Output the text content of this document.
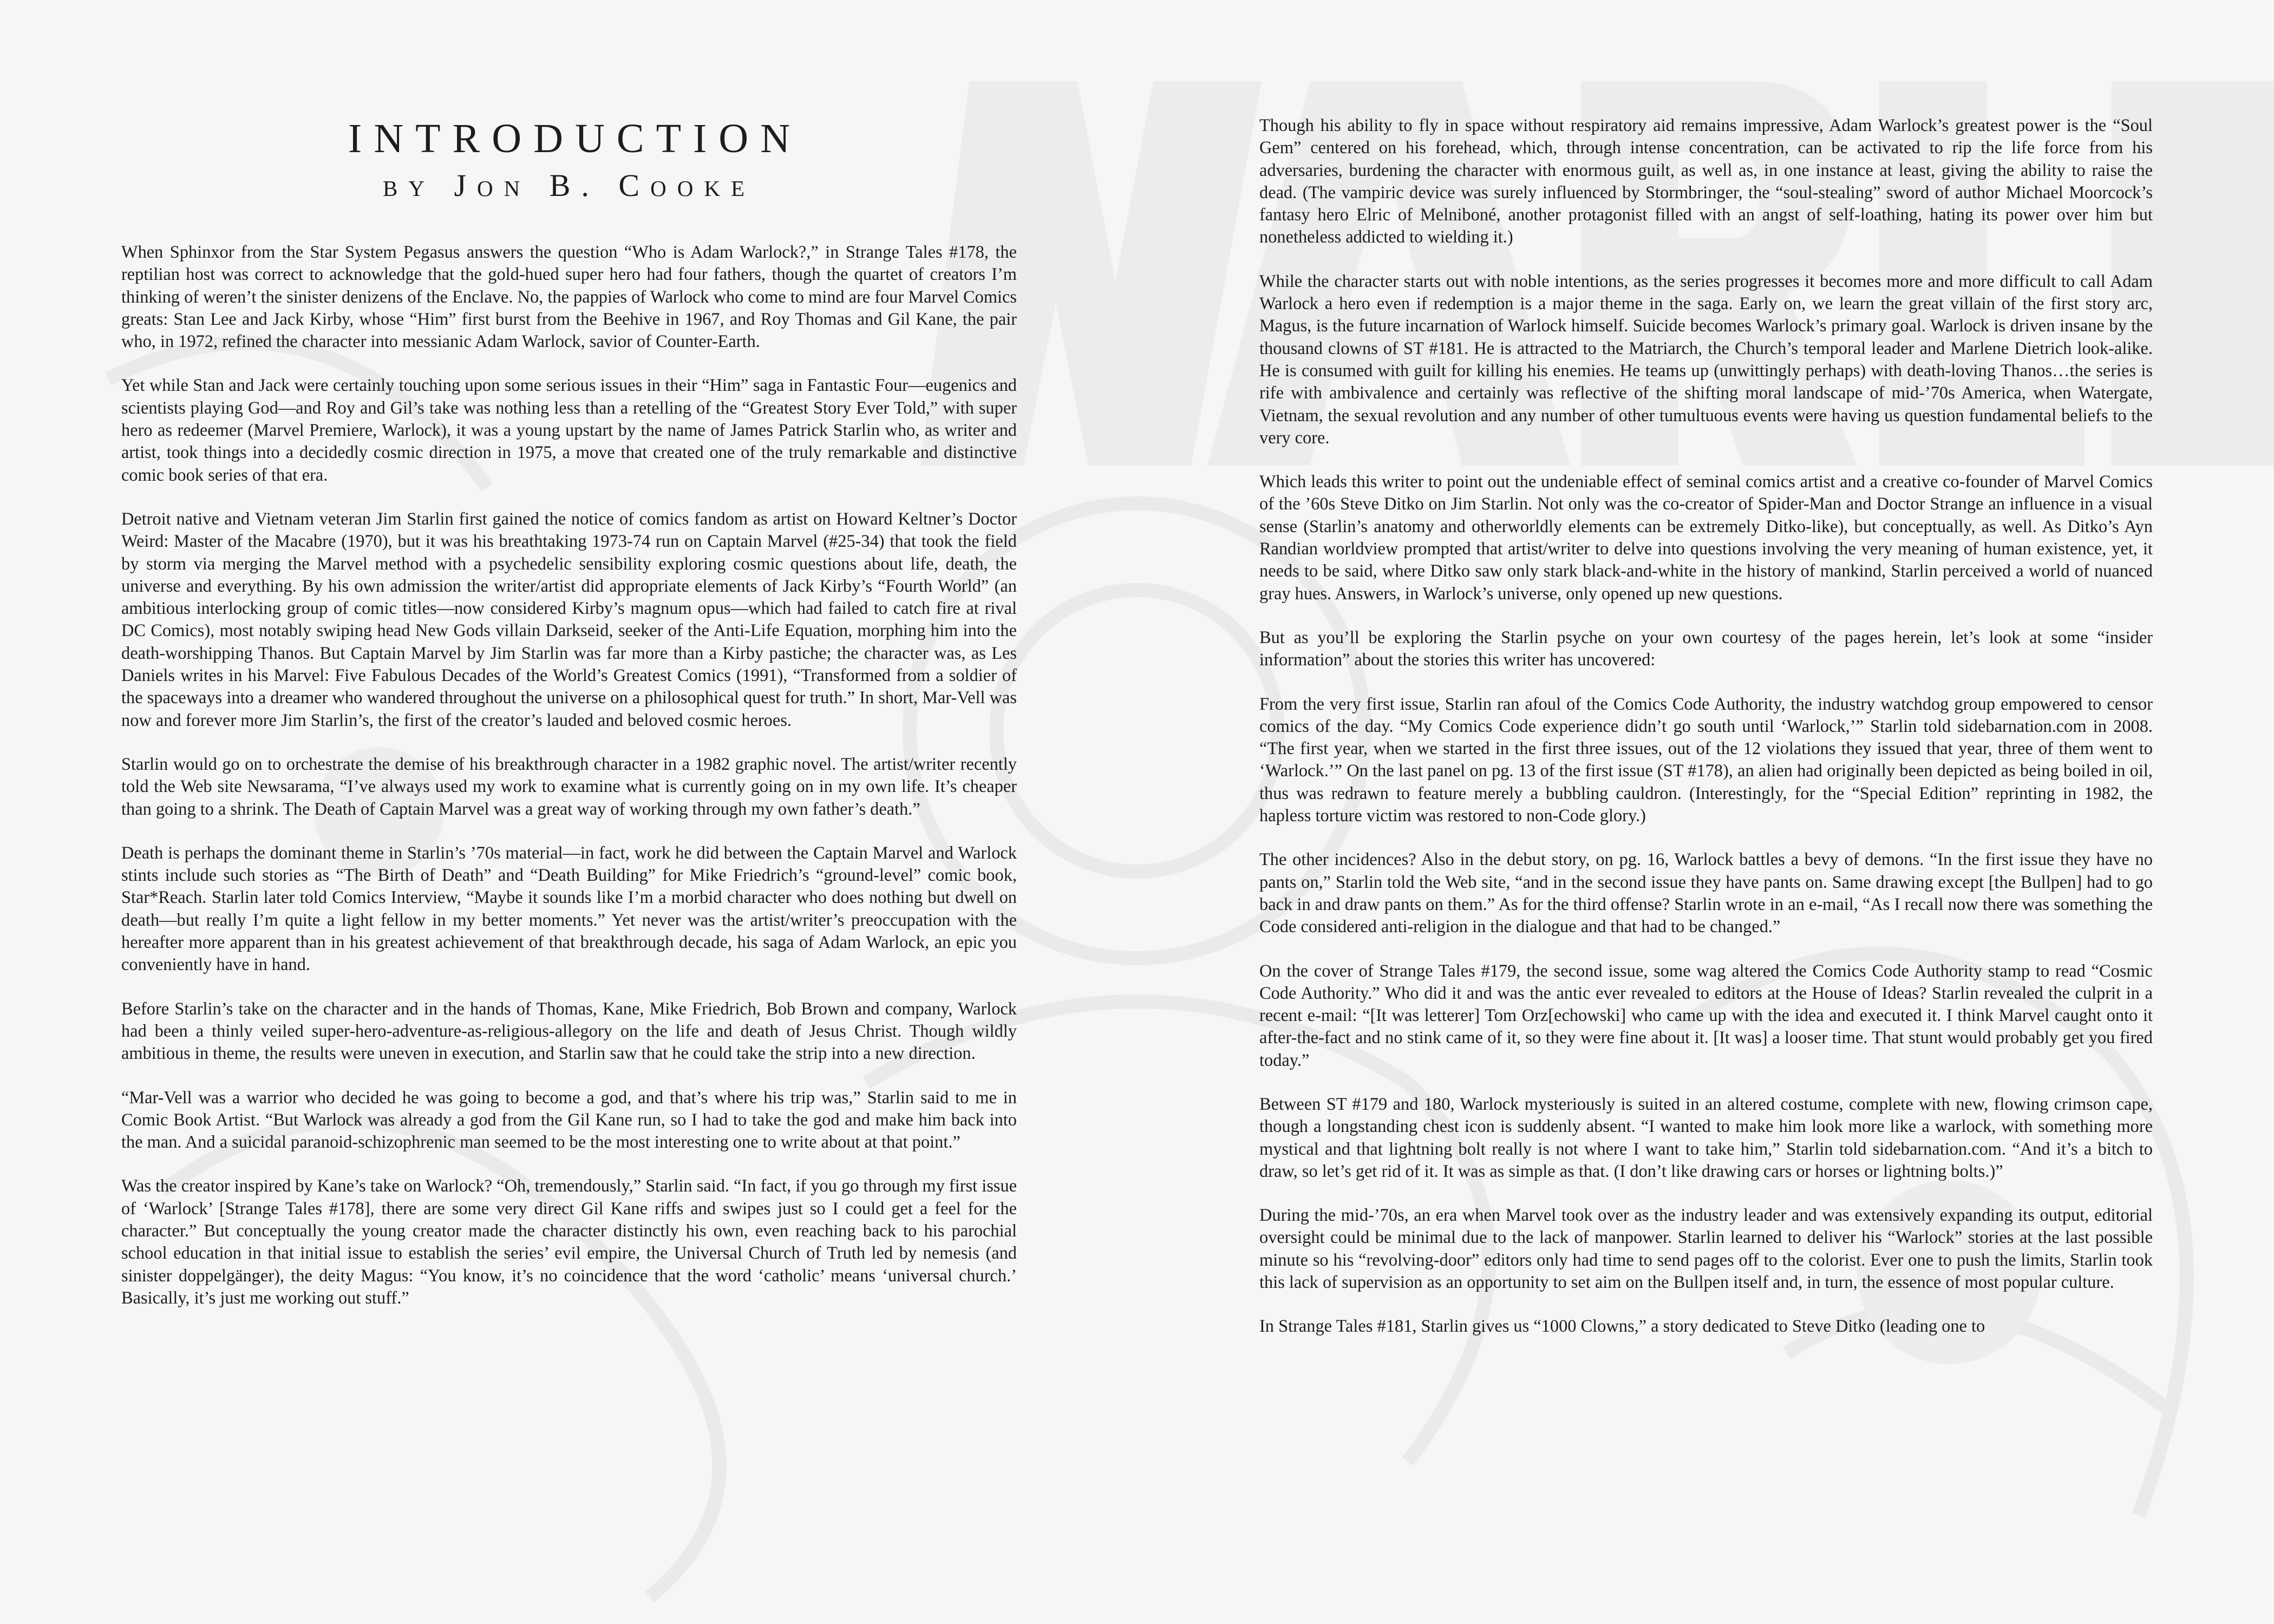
INTRODUCTION
by Jon B. Cooke

When Sphinxor from the Star System Pegasus answers the question “Who is Adam Warlock?,” in Strange Tales #178, the reptilian host was correct to acknowledge that the gold-hued super hero had four fathers, though the quartet of creators I’m thinking of weren’t the sinister denizens of the Enclave. No, the pappies of Warlock who come to mind are four Marvel Comics greats: Stan Lee and Jack Kirby, whose “Him” first burst from the Beehive in 1967, and Roy Thomas and Gil Kane, the pair who, in 1972, refined the character into messianic Adam Warlock, savior of Counter-Earth.

Yet while Stan and Jack were certainly touching upon some serious issues in their “Him” saga in Fantastic Four—eugenics and scientists playing God—and Roy and Gil’s take was nothing less than a retelling of the “Greatest Story Ever Told,” with super hero as redeemer (Marvel Premiere, Warlock), it was a young upstart by the name of James Patrick Starlin who, as writer and artist, took things into a decidedly cosmic direction in 1975, a move that created one of the truly remarkable and distinctive comic book series of that era.

Detroit native and Vietnam veteran Jim Starlin first gained the notice of comics fandom as artist on Howard Keltner’s Doctor Weird: Master of the Macabre (1970), but it was his breathtaking 1973-74 run on Captain Marvel (#25-34) that took the field by storm via merging the Marvel method with a psychedelic sensibility exploring cosmic questions about life, death, the universe and everything. By his own admission the writer/artist did appropriate elements of Jack Kirby’s “Fourth World” (an ambitious interlocking group of comic titles—now considered Kirby’s magnum opus—which had failed to catch fire at rival DC Comics), most notably swiping head New Gods villain Darkseid, seeker of the Anti-Life Equation, morphing him into the death-worshipping Thanos. But Captain Marvel by Jim Starlin was far more than a Kirby pastiche; the character was, as Les Daniels writes in his Marvel: Five Fabulous Decades of the World’s Greatest Comics (1991), “Transformed from a soldier of the spaceways into a dreamer who wandered throughout the universe on a philosophical quest for truth.” In short, Mar-Vell was now and forever more Jim Starlin’s, the first of the creator’s lauded and beloved cosmic heroes.

Starlin would go on to orchestrate the demise of his breakthrough character in a 1982 graphic novel. The artist/writer recently told the Web site Newsarama, “I’ve always used my work to examine what is currently going on in my own life. It’s cheaper than going to a shrink. The Death of Captain Marvel was a great way of working through my own father’s death.”

Death is perhaps the dominant theme in Starlin’s ’70s material—in fact, work he did between the Captain Marvel and Warlock stints include such stories as “The Birth of Death” and “Death Building” for Mike Friedrich’s “ground-level” comic book, Star*Reach. Starlin later told Comics Interview, “Maybe it sounds like I’m a morbid character who does nothing but dwell on death—but really I’m quite a light fellow in my better moments.” Yet never was the artist/writer’s preoccupation with the hereafter more apparent than in his greatest achievement of that breakthrough decade, his saga of Adam Warlock, an epic you conveniently have in hand.

Before Starlin’s take on the character and in the hands of Thomas, Kane, Mike Friedrich, Bob Brown and company, Warlock had been a thinly veiled super-hero-adventure-as-religious-allegory on the life and death of Jesus Christ. Though wildly ambitious in theme, the results were uneven in execution, and Starlin saw that he could take the strip into a new direction.

“Mar-Vell was a warrior who decided he was going to become a god, and that’s where his trip was,” Starlin said to me in Comic Book Artist. “But Warlock was already a god from the Gil Kane run, so I had to take the god and make him back into the man. And a suicidal paranoid-schizophrenic man seemed to be the most interesting one to write about at that point.”

Was the creator inspired by Kane’s take on Warlock? “Oh, tremendously,” Starlin said. “In fact, if you go through my first issue of ‘Warlock’ [Strange Tales #178], there are some very direct Gil Kane riffs and swipes just so I could get a feel for the character.” But conceptually the young creator made the character distinctly his own, even reaching back to his parochial school education in that initial issue to establish the series’ evil empire, the Universal Church of Truth led by nemesis (and sinister doppelgänger), the deity Magus: “You know, it’s no coincidence that the word ‘catholic’ means ‘universal church.’ Basically, it’s just me working out stuff.”

Though his ability to fly in space without respiratory aid remains impressive, Adam Warlock’s greatest power is the “Soul Gem” centered on his forehead, which, through intense concentration, can be activated to rip the life force from his adversaries, burdening the character with enormous guilt, as well as, in one instance at least, giving the ability to raise the dead. (The vampiric device was surely influenced by Stormbringer, the “soul-stealing” sword of author Michael Moorcock’s fantasy hero Elric of Melniboné, another protagonist filled with an angst of self-loathing, hating its power over him but nonetheless addicted to wielding it.)

While the character starts out with noble intentions, as the series progresses it becomes more and more difficult to call Adam Warlock a hero even if redemption is a major theme in the saga. Early on, we learn the great villain of the first story arc, Magus, is the future incarnation of Warlock himself. Suicide becomes Warlock’s primary goal. Warlock is driven insane by the thousand clowns of ST #181. He is attracted to the Matriarch, the Church’s temporal leader and Marlene Dietrich look-alike. He is consumed with guilt for killing his enemies. He teams up (unwittingly perhaps) with death-loving Thanos…the series is rife with ambivalence and certainly was reflective of the shifting moral landscape of mid-’70s America, when Watergate, Vietnam, the sexual revolution and any number of other tumultuous events were having us question fundamental beliefs to the very core.

Which leads this writer to point out the undeniable effect of seminal comics artist and a creative co-founder of Marvel Comics of the ’60s Steve Ditko on Jim Starlin. Not only was the co-creator of Spider-Man and Doctor Strange an influence in a visual sense (Starlin’s anatomy and otherworldly elements can be extremely Ditko-like), but conceptually, as well. As Ditko’s Ayn Randian worldview prompted that artist/writer to delve into questions involving the very meaning of human existence, yet, it needs to be said, where Ditko saw only stark black-and-white in the history of mankind, Starlin perceived a world of nuanced gray hues. Answers, in Warlock’s universe, only opened up new questions.

But as you’ll be exploring the Starlin psyche on your own courtesy of the pages herein, let’s look at some “insider information” about the stories this writer has uncovered:

From the very first issue, Starlin ran afoul of the Comics Code Authority, the industry watchdog group empowered to censor comics of the day. “My Comics Code experience didn’t go south until ‘Warlock,’” Starlin told sidebarnation.com in 2008. “The first year, when we started in the first three issues, out of the 12 violations they issued that year, three of them went to ‘Warlock.’” On the last panel on pg. 13 of the first issue (ST #178), an alien had originally been depicted as being boiled in oil, thus was redrawn to feature merely a bubbling cauldron. (Interestingly, for the “Special Edition” reprinting in 1982, the hapless torture victim was restored to non-Code glory.)

The other incidences? Also in the debut story, on pg. 16, Warlock battles a bevy of demons. “In the first issue they have no pants on,” Starlin told the Web site, “and in the second issue they have pants on. Same drawing except [the Bullpen] had to go back in and draw pants on them.” As for the third offense? Starlin wrote in an e-mail, “As I recall now there was something the Code considered anti-religion in the dialogue and that had to be changed.”

On the cover of Strange Tales #179, the second issue, some wag altered the Comics Code Authority stamp to read “Cosmic Code Authority.” Who did it and was the antic ever revealed to editors at the House of Ideas? Starlin revealed the culprit in a recent e-mail: “[It was letterer] Tom Orz[echowski] who came up with the idea and executed it. I think Marvel caught onto it after-the-fact and no stink came of it, so they were fine about it. [It was] a looser time. That stunt would probably get you fired today.”

Between ST #179 and 180, Warlock mysteriously is suited in an altered costume, complete with new, flowing crimson cape, though a longstanding chest icon is suddenly absent. “I wanted to make him look more like a warlock, with something more mystical and that lightning bolt really is not where I want to take him,” Starlin told sidebarnation.com. “And it’s a bitch to draw, so let’s get rid of it. It was as simple as that. (I don’t like drawing cars or horses or lightning bolts.)”

During the mid-’70s, an era when Marvel took over as the industry leader and was extensively expanding its output, editorial oversight could be minimal due to the lack of manpower. Starlin learned to deliver his “Warlock” stories at the last possible minute so his “revolving-door” editors only had time to send pages off to the colorist. Ever one to push the limits, Starlin took this lack of supervision as an opportunity to set aim on the Bullpen itself and, in turn, the essence of most popular culture.

In Strange Tales #181, Starlin gives us “1000 Clowns,” a story dedicated to Steve Ditko (leading one to
